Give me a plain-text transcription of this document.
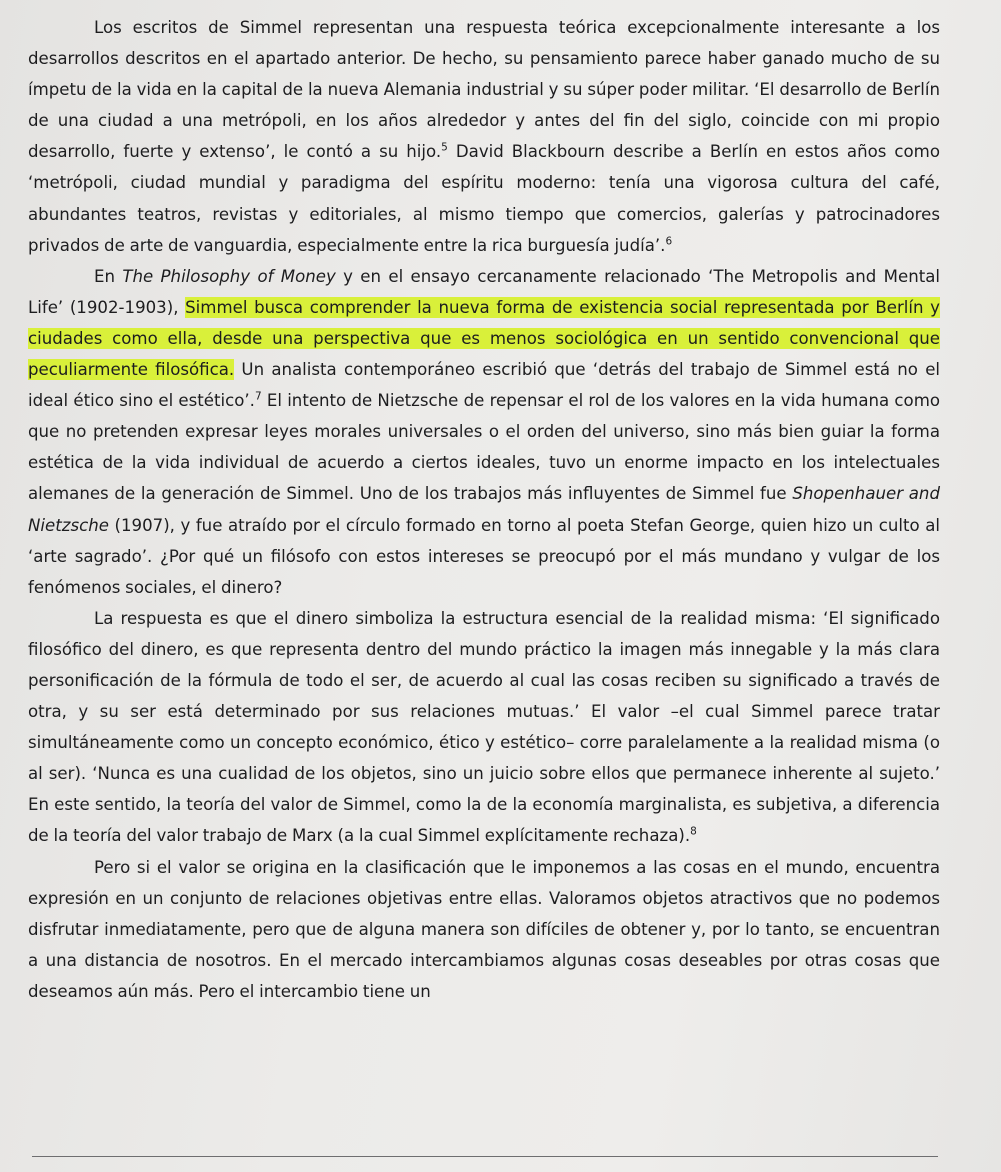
Los escritos de Simmel representan una respuesta teórica excepcionalmente interesante a los desarrollos descritos en el apartado anterior. De hecho, su pensamiento parece haber ganado mucho de su ímpetu de la vida en la capital de la nueva Alemania industrial y su súper poder militar. ‘El desarrollo de Berlín de una ciudad a una metrópoli, en los años alrededor y antes del fin del siglo, coincide con mi propio desarrollo, fuerte y extenso’, le contó a su hijo.$^5$ David Blackbourn describe a Berlín en estos años como ‘metrópoli, ciudad mundial y paradigma del espíritu moderno: tenía una vigorosa cultura del café, abundantes teatros, revistas y editoriales, al mismo tiempo que comercios, galerías y patrocinadores privados de arte de vanguardia, especialmente entre la rica burguesía judía’.$^6$

En The Philosophy of Money y en el ensayo cercanamente relacionado ‘The Metropolis and Mental Life’ (1902-1903), Simmel busca comprender la nueva forma de existencia social representada por Berlín y ciudades como ella, desde una perspectiva que es menos sociológica en un sentido convencional que peculiarmente filosófica. Un analista contemporáneo escribió que ‘detrás del trabajo de Simmel está no el ideal ético sino el estético’.$^7$ El intento de Nietzsche de repensar el rol de los valores en la vida humana como que no pretenden expresar leyes morales universales o el orden del universo, sino más bien guiar la forma estética de la vida individual de acuerdo a ciertos ideales, tuvo un enorme impacto en los intelectuales alemanes de la generación de Simmel. Uno de los trabajos más influyentes de Simmel fue Shopenhauer and Nietzsche (1907), y fue atraído por el círculo formado en torno al poeta Stefan George, quien hizo un culto al ‘arte sagrado’. ¿Por qué un filósofo con estos intereses se preocupó por el más mundano y vulgar de los fenómenos sociales, el dinero?

La respuesta es que el dinero simboliza la estructura esencial de la realidad misma: ‘El significado filosófico del dinero, es que representa dentro del mundo práctico la imagen más innegable y la más clara personificación de la fórmula de todo el ser, de acuerdo al cual las cosas reciben su significado a través de otra, y su ser está determinado por sus relaciones mutuas.’ El valor –el cual Simmel parece tratar simultáneamente como un concepto económico, ético y estético– corre paralelamente a la realidad misma (o al ser). ‘Nunca es una cualidad de los objetos, sino un juicio sobre ellos que permanece inherente al sujeto.’ En este sentido, la teoría del valor de Simmel, como la de la economía marginalista, es subjetiva, a diferencia de la teoría del valor trabajo de Marx (a la cual Simmel explícitamente rechaza).$^8$

Pero si el valor se origina en la clasificación que le imponemos a las cosas en el mundo, encuentra expresión en un conjunto de relaciones objetivas entre ellas. Valoramos objetos atractivos que no podemos disfrutar inmediatamente, pero que de alguna manera son difíciles de obtener y, por lo tanto, se encuentran a una distancia de nosotros. En el mercado intercambiamos algunas cosas deseables por otras cosas que deseamos aún más. Pero el intercambio tiene un
